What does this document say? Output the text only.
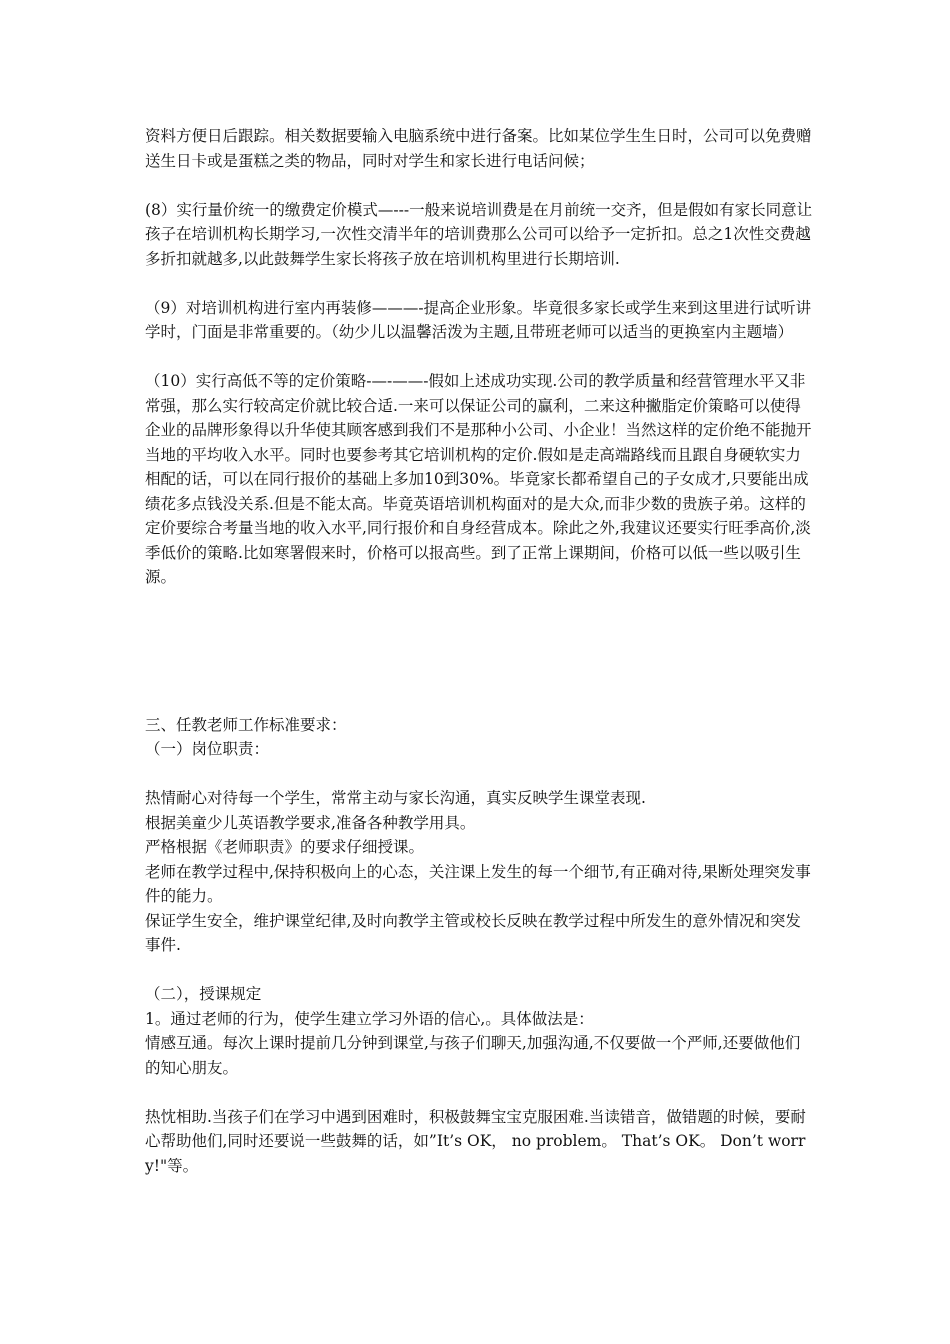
资料方便日后跟踪。相关数据要输入电脑系统中进行备案。比如某位学生生日时，公司可以免费赠送生日卡或是蛋糕之类的物品，同时对学生和家长进行电话问候；

(8）实行量价统一的缴费定价模式—---一般来说培训费是在月前统一交齐，但是假如有家长同意让孩子在培训机构长期学习,一次性交清半年的培训费那么公司可以给予一定折扣。总之1次性交费越多折扣就越多,以此鼓舞学生家长将孩子放在培训机构里进行长期培训.

（9）对培训机构进行室内再装修———-提高企业形象。毕竟很多家长或学生来到这里进行试听讲学时，门面是非常重要的。（幼少儿以温馨活泼为主题,且带班老师可以适当的更换室内主题墙）

（10）实行高低不等的定价策略-—-——-假如上述成功实现.公司的教学质量和经营管理水平又非常强，那么实行较高定价就比较合适.一来可以保证公司的赢利，二来这种撇脂定价策略可以使得企业的品牌形象得以升华使其顾客感到我们不是那种小公司、小企业！当然这样的定价绝不能抛开当地的平均收入水平。同时也要参考其它培训机构的定价.假如是走高端路线而且跟自身硬软实力相配的话，可以在同行报价的基础上多加10到30%。毕竟家长都希望自己的子女成才,只要能出成绩花多点钱没关系.但是不能太高。毕竟英语培训机构面对的是大众,而非少数的贵族子弟。这样的定价要综合考量当地的收入水平,同行报价和自身经营成本。除此之外,我建议还要实行旺季高价,淡季低价的策略.比如寒署假来时，价格可以报高些。到了正常上课期间，价格可以低一些以吸引生源。

三、任教老师工作标准要求：

（一）岗位职责：

热情耐心对待每一个学生，常常主动与家长沟通，真实反映学生课堂表现.

根据美童少儿英语教学要求,准备各种教学用具。

严格根据《老师职责》的要求仔细授课。

老师在教学过程中,保持积极向上的心态，关注课上发生的每一个细节,有正确对待,果断处理突发事件的能力。

保证学生安全，维护课堂纪律,及时向教学主管或校长反映在教学过程中所发生的意外情况和突发事件.

（二），授课规定

1。通过老师的行为，使学生建立学习外语的信心,。具体做法是：

情感互通。每次上课时提前几分钟到课堂,与孩子们聊天,加强沟通,不仅要做一个严师,还要做他们的知心朋友。

热忱相助.当孩子们在学习中遇到困难时，积极鼓舞宝宝克服困难.当读错音，做错题的时候，要耐心帮助他们,同时还要说一些鼓舞的话，如”It’s OK， no problem。 That’s OK。 Don’t worry!"等。
